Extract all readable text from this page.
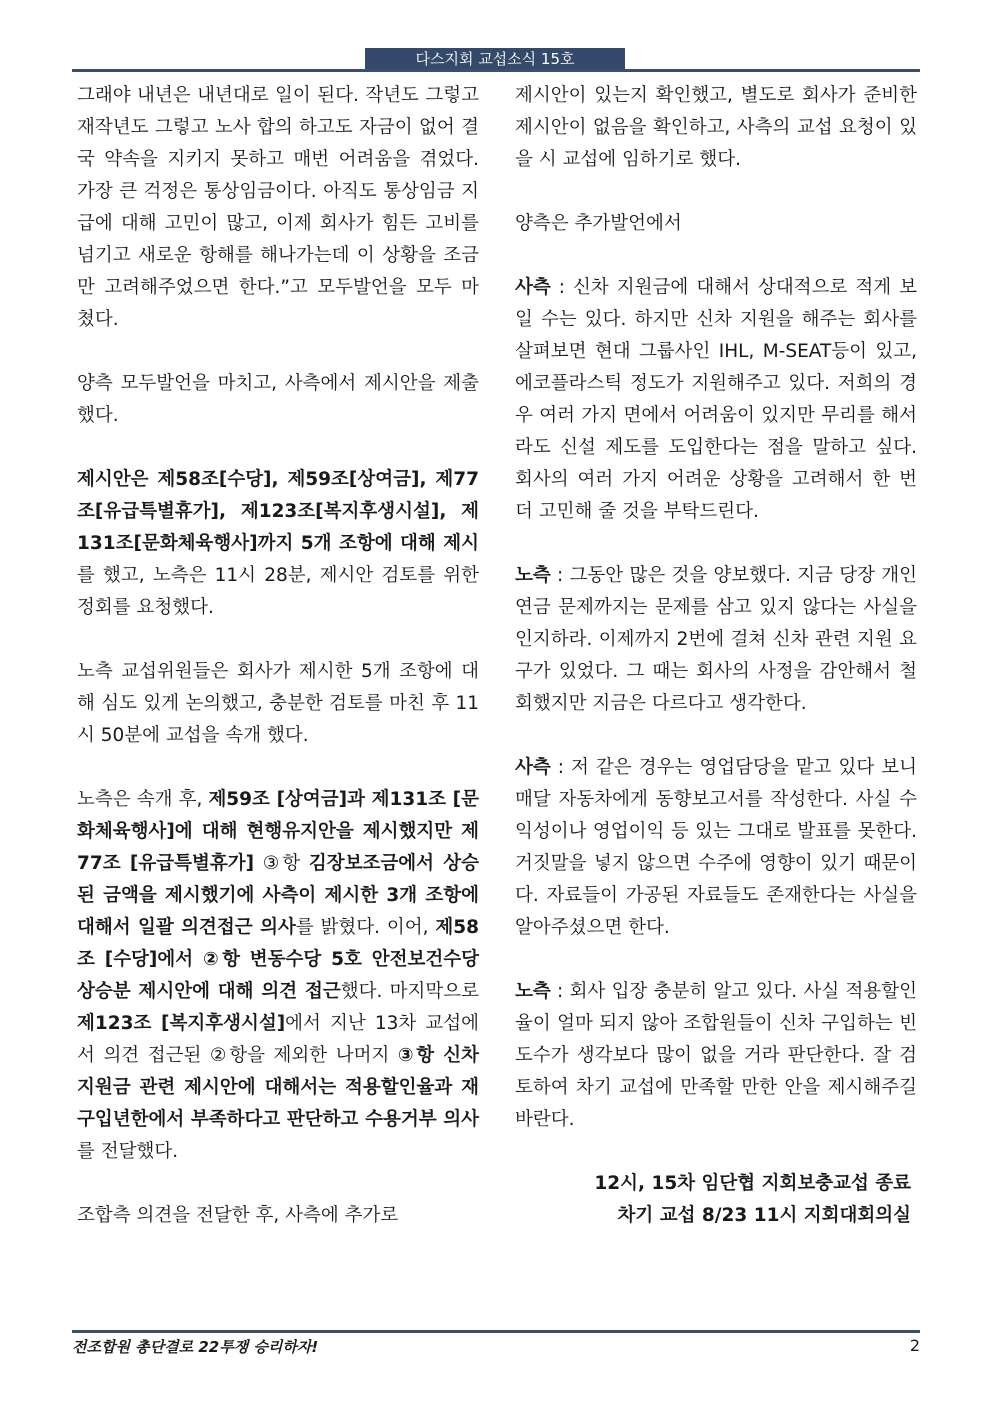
다스지회 교섭소식 15호

그래야 내년은 내년대로 일이 된다. 작년도 그렇고 재작년도 그렇고 노사 합의 하고도 자금이 없어 결국 약속을 지키지 못하고 매번 어려움을 겪었다. 가장 큰 걱정은 통상임금이다. 아직도 통상임금 지급에 대해 고민이 많고, 이제 회사가 힘든 고비를 넘기고 새로운 항해를 해나가는데 이 상황을 조금만 고려해주었으면 한다.”고 모두발언을 모두 마쳤다.

양측 모두발언을 마치고, 사측에서 제시안을 제출했다.

제시안은 제58조[수당], 제59조[상여금], 제77조[유급특별휴가], 제123조[복지후생시설], 제131조[문화체육행사]까지 5개 조항에 대해 제시를 했고, 노측은 11시 28분, 제시안 검토를 위한 정회를 요청했다.

노측 교섭위원들은 회사가 제시한 5개 조항에 대해 심도 있게 논의했고, 충분한 검토를 마친 후 11시 50분에 교섭을 속개 했다.

노측은 속개 후, 제59조 [상여금]과 제131조 [문화체육행사]에 대해 현행유지안을 제시했지만 제77조 [유급특별휴가] ③항 김장보조금에서 상승된 금액을 제시했기에 사측이 제시한 3개 조항에 대해서 일괄 의견접근 의사를 밝혔다. 이어, 제58조 [수당]에서 ②항 변동수당 5호 안전보건수당 상승분 제시안에 대해 의견 접근했다. 마지막으로 제123조 [복지후생시설]에서 지난 13차 교섭에서 의견 접근된 ②항을 제외한 나머지 ③항 신차 지원금 관련 제시안에 대해서는 적용할인율과 재구입년한에서 부족하다고 판단하고 수용거부 의사를 전달했다.

조합측 의견을 전달한 후, 사측에 추가로

제시안이 있는지 확인했고, 별도로 회사가 준비한 제시안이 없음을 확인하고, 사측의 교섭 요청이 있을 시 교섭에 임하기로 했다.

양측은 추가발언에서

사측 : 신차 지원금에 대해서 상대적으로 적게 보일 수는 있다. 하지만 신차 지원을 해주는 회사를 살펴보면 현대 그룹사인 IHL, M-SEAT등이 있고, 에코플라스틱 정도가 지원해주고 있다. 저희의 경우 여러 가지 면에서 어려움이 있지만 무리를 해서라도 신설 제도를 도입한다는 점을 말하고 싶다. 회사의 여러 가지 어려운 상황을 고려해서 한 번 더 고민해 줄 것을 부탁드린다.

노측 : 그동안 많은 것을 양보했다. 지금 당장 개인연금 문제까지는 문제를 삼고 있지 않다는 사실을 인지하라. 이제까지 2번에 걸쳐 신차 관련 지원 요구가 있었다. 그 때는 회사의 사정을 감안해서 철회했지만 지금은 다르다고 생각한다.

사측 : 저 같은 경우는 영업담당을 맡고 있다 보니 매달 자동차에게 동향보고서를 작성한다. 사실 수익성이나 영업이익 등 있는 그대로 발표를 못한다. 거짓말을 넣지 않으면 수주에 영향이 있기 때문이다. 자료들이 가공된 자료들도 존재한다는 사실을 알아주셨으면 한다.

노측 : 회사 입장 충분히 알고 있다. 사실 적용할인율이 얼마 되지 않아 조합원들이 신차 구입하는 빈도수가 생각보다 많이 없을 거라 판단한다. 잘 검토하여 차기 교섭에 만족할 만한 안을 제시해주길 바란다.

12시, 15차 임단협 지회보충교섭 종료
차기 교섭 8/23 11시 지회대회의실

전조합원 총단결로 22투쟁 승리하자!	2
